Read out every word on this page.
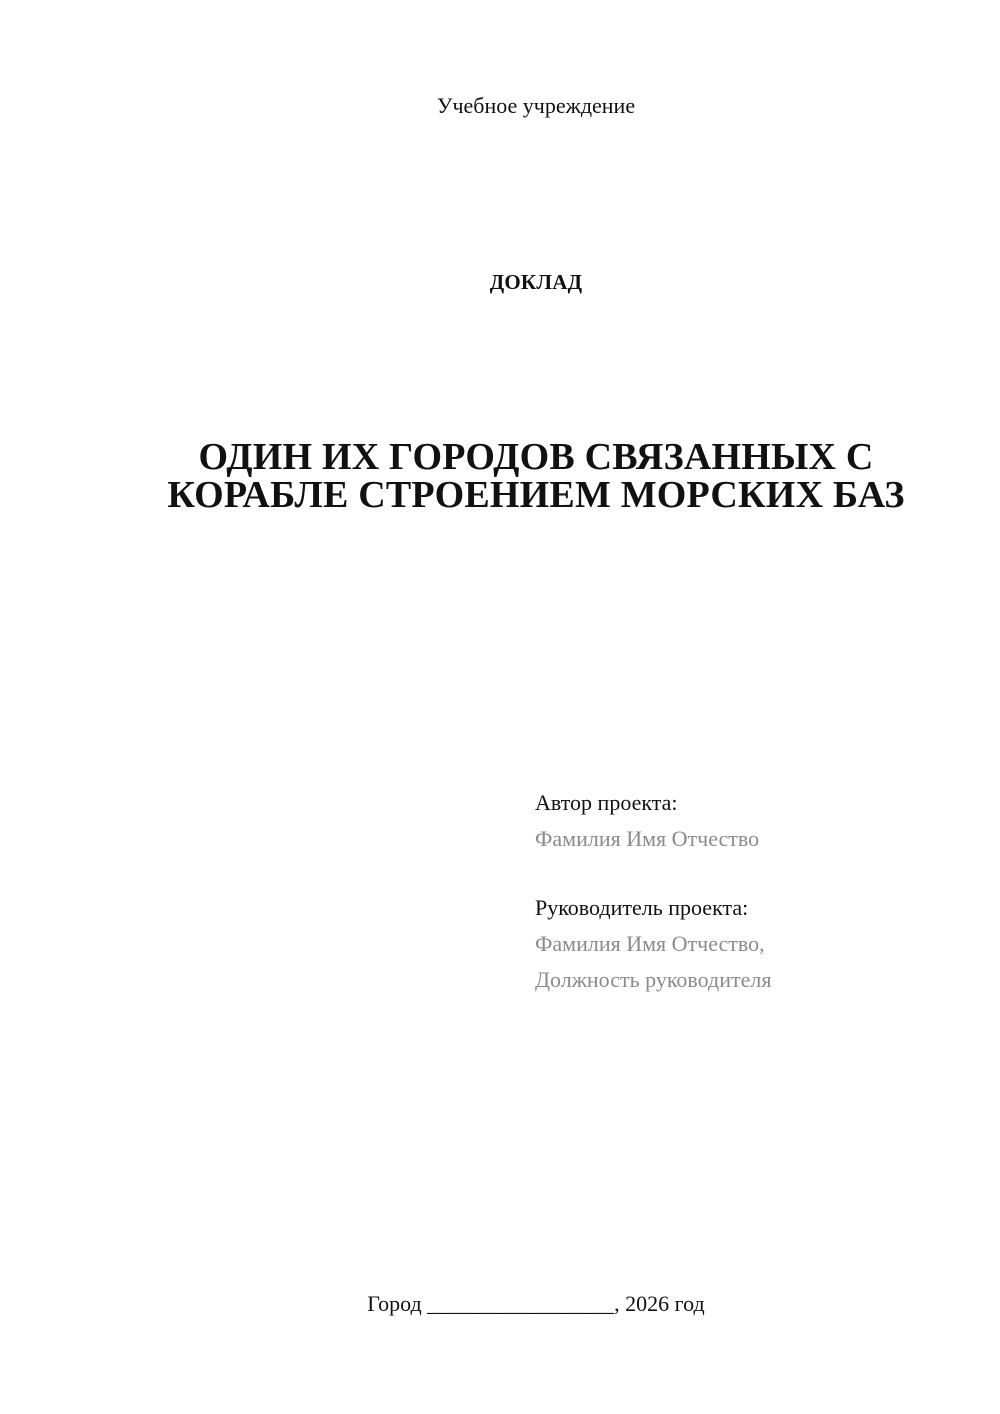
Учебное учреждение
ДОКЛАД
ОДИН ИХ ГОРОДОВ СВЯЗАННЫХ С
КОРАБЛЕ СТРОЕНИЕМ МОРСКИХ БАЗ
Автор проекта:
Фамилия Имя Отчество
Руководитель проекта:
Фамилия Имя Отчество,
Должность руководителя
Город _________________, 2026 год
